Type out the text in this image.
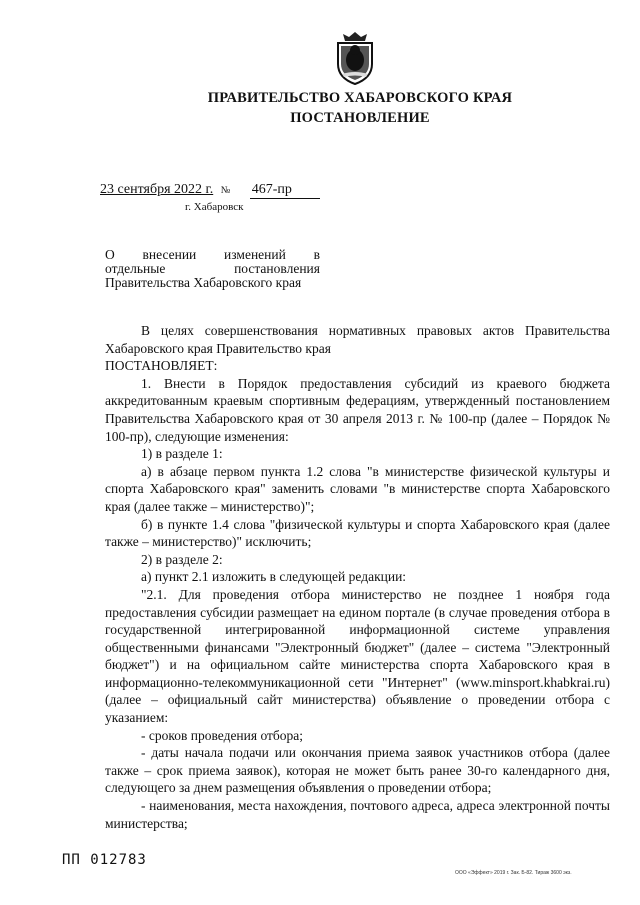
ПРАВИТЕЛЬСТВО ХАБАРОВСКОГО КРАЯ
ПОСТАНОВЛЕНИЕ
23 сентября 2022 г. № 467-пр
г. Хабаровск
О внесении изменений в
отдельные постановления
Правительства Хабаровского края

В целях совершенствования нормативных правовых актов Правительства Хабаровского края Правительство края

ПОСТАНОВЛЯЕТ:

1. Внести в Порядок предоставления субсидий из краевого бюджета аккредитованным краевым спортивным федерациям, утвержденный постановлением Правительства Хабаровского края от 30 апреля 2013 г. № 100-пр (далее – Порядок № 100-пр), следующие изменения:

1) в разделе 1:

а) в абзаце первом пункта 1.2 слова "в министерстве физической культуры и спорта Хабаровского края" заменить словами "в министерстве спорта Хабаровского края (далее также – министерство)";

б) в пункте 1.4 слова "физической культуры и спорта Хабаровского края (далее также – министерство)" исключить;

2) в разделе 2:

а) пункт 2.1 изложить в следующей редакции:

"2.1. Для проведения отбора министерство не позднее 1 ноября года предоставления субсидии размещает на едином портале (в случае проведения отбора в государственной интегрированной информационной системе управления общественными финансами "Электронный бюджет" (далее – система "Электронный бюджет") и на официальном сайте министерства спорта Хабаровского края в информационно-телекоммуникационной сети "Интернет" (www.minsport.khabkrai.ru) (далее – официальный сайт министерства) объявление о проведении отбора с указанием:

- сроков проведения отбора;

- даты начала подачи или окончания приема заявок участников отбора (далее также – срок приема заявок), которая не может быть ранее 30-го календарного дня, следующего за днем размещения объявления о проведении отбора;

- наименования, места нахождения, почтового адреса, адреса электронной почты министерства;

ПП 012783
ООО «Эффект» 2019 г. Зак. Б-82. Тираж 3600 экз.
